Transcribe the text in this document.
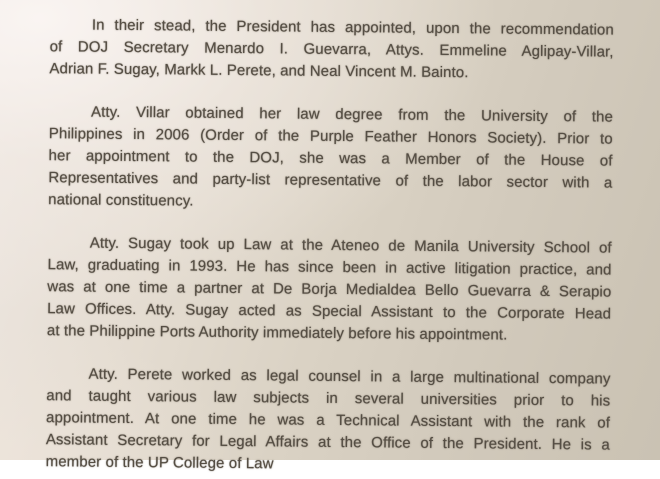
In their stead, the President has appointed, upon the recommendation
of DOJ Secretary Menardo I. Guevarra, Attys. Emmeline Aglipay-Villar,
Adrian F. Sugay, Markk L. Perete, and Neal Vincent M. Bainto.
Atty. Villar obtained her law degree from the University of the
Philippines in 2006 (Order of the Purple Feather Honors Society). Prior to
her appointment to the DOJ, she was a Member of the House of
Representatives and party-list representative of the labor sector with a
national constituency.
Atty. Sugay took up Law at the Ateneo de Manila University School of
Law, graduating in 1993. He has since been in active litigation practice, and
was at one time a partner at De Borja Medialdea Bello Guevarra & Serapio
Law Offices. Atty. Sugay acted as Special Assistant to the Corporate Head
at the Philippine Ports Authority immediately before his appointment.
Atty. Perete worked as legal counsel in a large multinational company
and taught various law subjects in several universities prior to his
appointment. At one time he was a Technical Assistant with the rank of
Assistant Secretary for Legal Affairs at the Office of the President. He is a
member of the UP College of Law
